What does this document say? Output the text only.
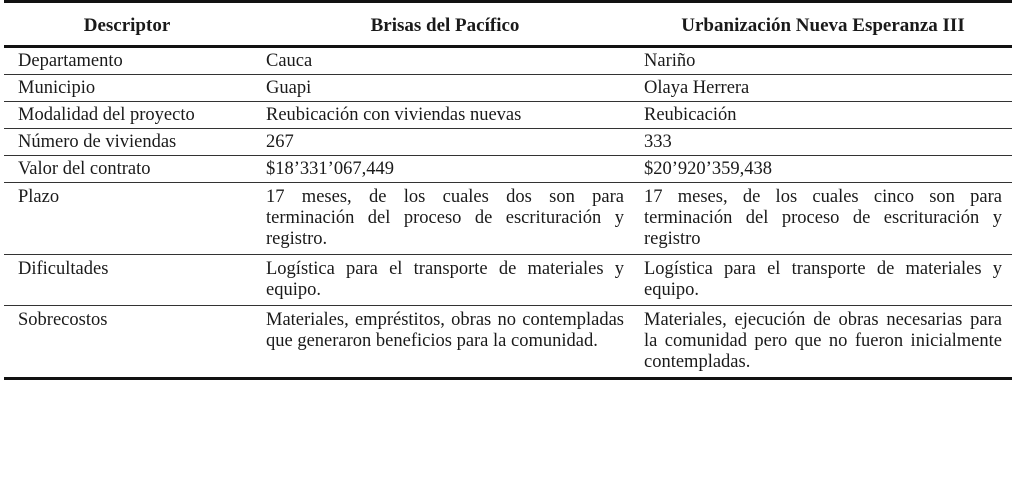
Descriptor	Brisas del Pacífico	Urbanización Nueva Esperanza III
Departamento	Cauca	Nariño
Municipio	Guapi	Olaya Herrera
Modalidad del proyecto	Reubicación con viviendas nuevas	Reubicación
Número de viviendas	267	333
Valor del contrato	$18’331’067,449	$20’920’359,438
Plazo	17 meses, de los cuales dos son para terminación del proceso de escrituración y registro.	17 meses, de los cuales cinco son para terminación del proceso de escrituración y registro
Dificultades	Logística para el transporte de materiales y equipo.	Logística para el transporte de materiales y equipo.
Sobrecostos	Materiales, empréstitos, obras no contempladas que generaron beneficios para la comunidad.	Materiales, ejecución de obras necesarias para la comunidad pero que no fueron inicialmente contempladas.
